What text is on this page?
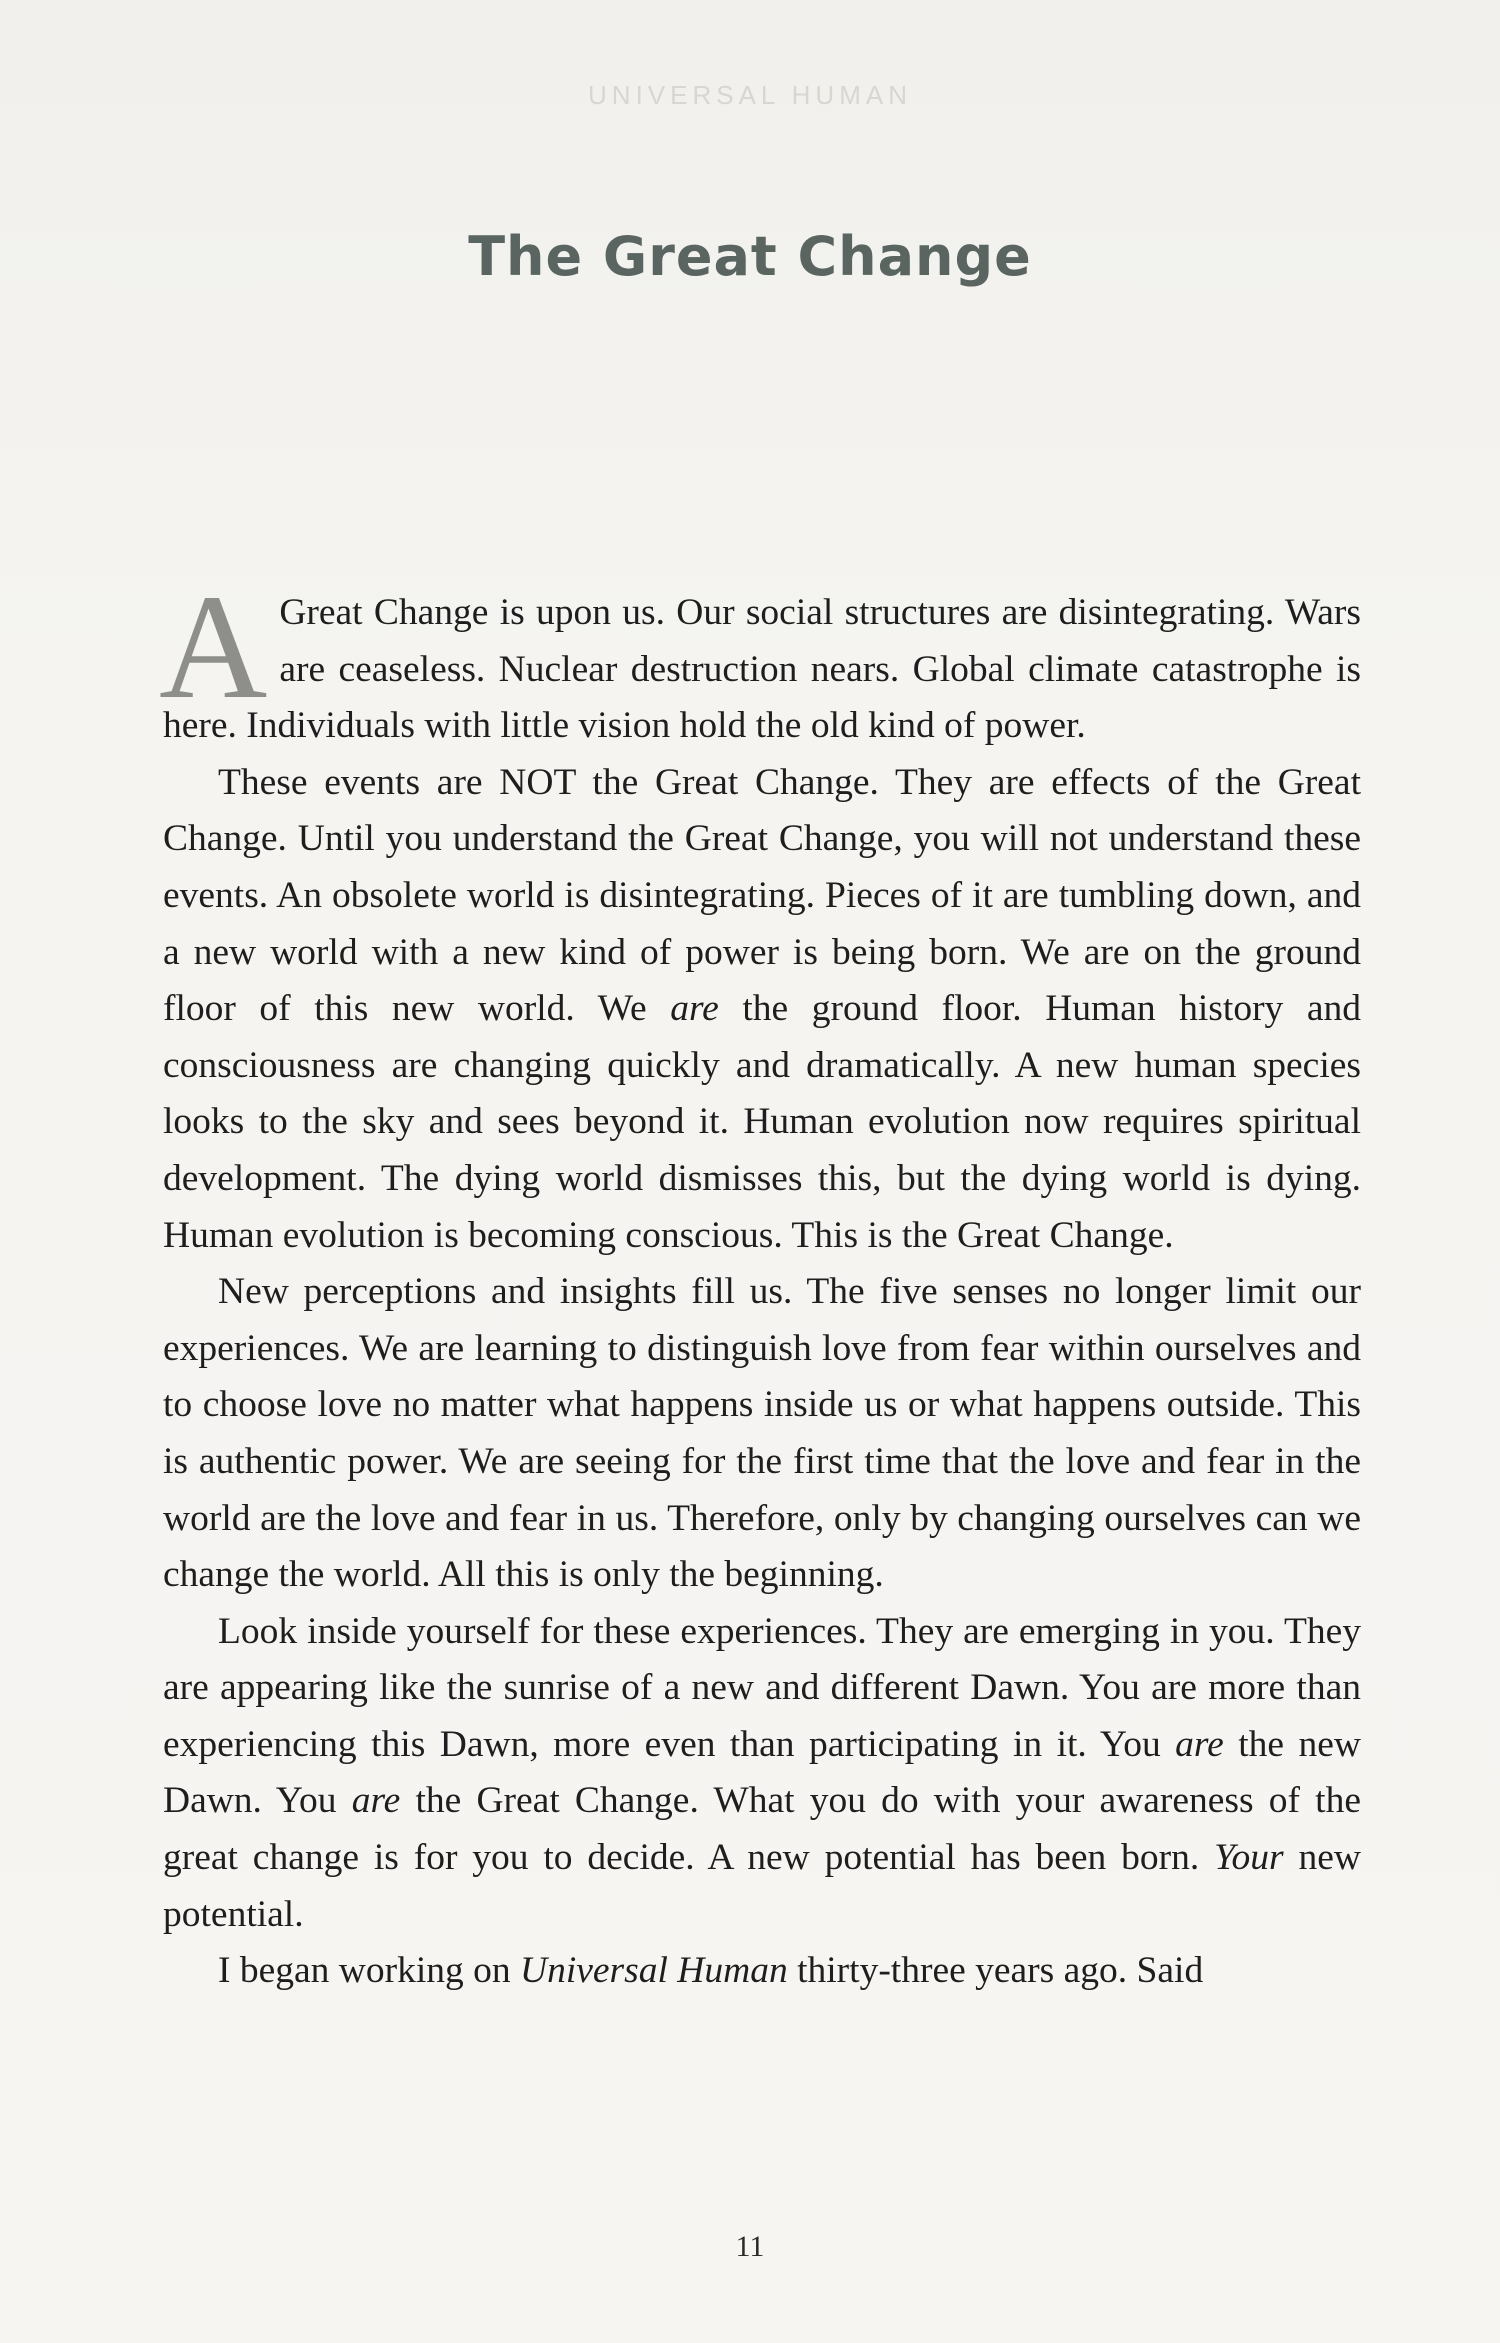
UNIVERSAL HUMAN
The Great Change

A Great Change is upon us. Our social structures are disintegrating. Wars are ceaseless. Nuclear destruction nears. Global climate catastrophe is here. Individuals with little vision hold the old kind of power.

These events are NOT the Great Change. They are effects of the Great Change. Until you understand the Great Change, you will not understand these events. An obsolete world is disintegrating. Pieces of it are tumbling down, and a new world with a new kind of power is being born. We are on the ground floor of this new world. We are the ground floor. Human history and consciousness are changing quickly and dramatically. A new human species looks to the sky and sees beyond it. Human evolution now requires spiritual development. The dying world dismisses this, but the dying world is dying. Human evolution is becoming conscious. This is the Great Change.

New perceptions and insights fill us. The five senses no longer limit our experiences. We are learning to distinguish love from fear within ourselves and to choose love no matter what happens inside us or what happens outside. This is authentic power. We are seeing for the first time that the love and fear in the world are the love and fear in us. Therefore, only by changing ourselves can we change the world. All this is only the beginning.

Look inside yourself for these experiences. They are emerging in you. They are appearing like the sunrise of a new and different Dawn. You are more than experiencing this Dawn, more even than participating in it. You are the new Dawn. You are the Great Change. What you do with your awareness of the great change is for you to decide. A new potential has been born. Your new potential.

I began working on Universal Human thirty-three years ago. Said

11
